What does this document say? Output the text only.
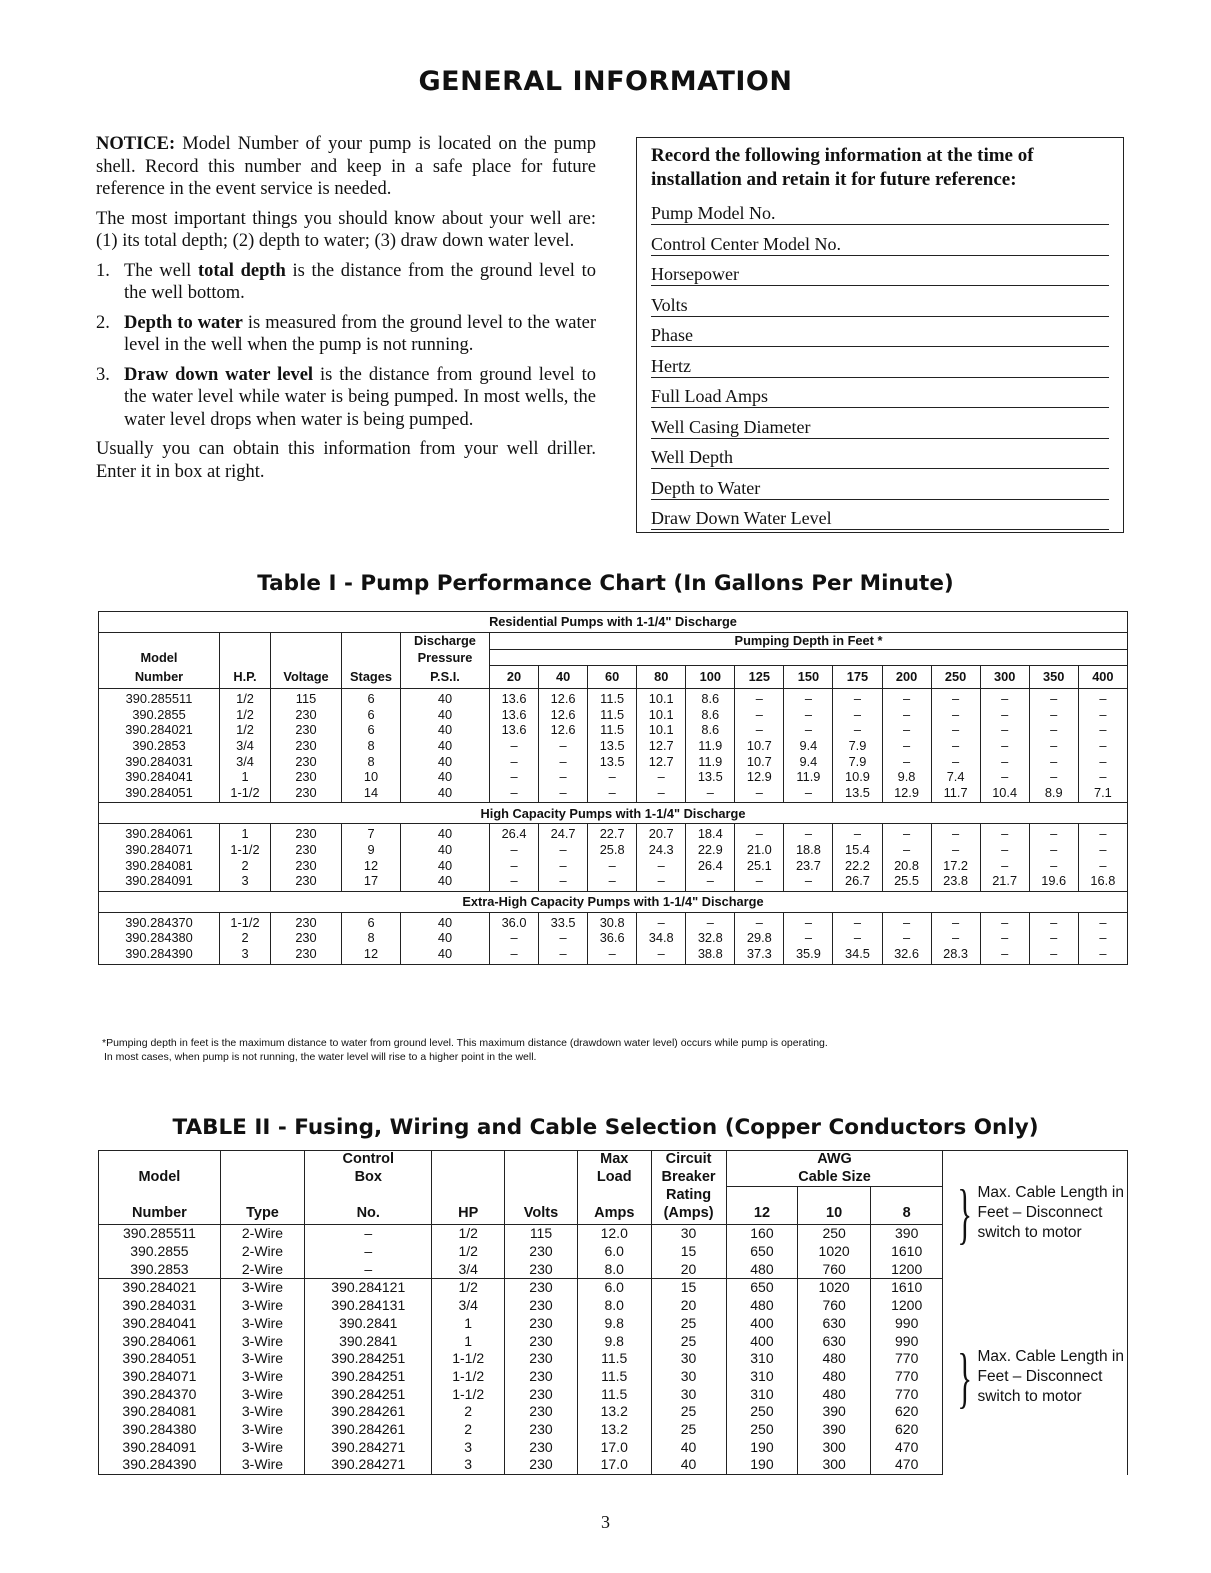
GENERAL INFORMATION

NOTICE: Model Number of your pump is located on the pump shell. Record this number and keep in a safe place for future reference in the event service is needed.

The most important things you should know about your well are: (1) its total depth; (2) depth to water; (3) draw down water level.

1. The well total depth is the distance from the ground level to the well bottom.
2. Depth to water is measured from the ground level to the water level in the well when the pump is not running.
3. Draw down water level is the distance from ground level to the water level while water is being pumped. In most wells, the water level drops when water is being pumped.

Usually you can obtain this information from your well driller. Enter it in box at right.

Record the following information at the time of installation and retain it for future reference:
Pump Model No.
Control Center Model No.
Horsepower
Volts
Phase
Hertz
Full Load Amps
Well Casing Diameter
Well Depth
Depth to Water
Draw Down Water Level
Table I - Pump Performance Chart (In Gallons Per Minute)
Residential Pumps with 1-1/4" Discharge																	
				Discharge	Pumping Depth in Feet *												
Model				Pressure													
Number	H.P.	Voltage	Stages	P.S.I.	20	40	60	80	100	125	150	175	200	250	300	350	400
390.285511	1/2	115	6	40	13.6	12.6	11.5	10.1	8.6	–	–	–	–	–	–	–	–
390.2855	1/2	230	6	40	13.6	12.6	11.5	10.1	8.6	–	–	–	–	–	–	–	–
390.284021	1/2	230	6	40	13.6	12.6	11.5	10.1	8.6	–	–	–	–	–	–	–	–
390.2853	3/4	230	8	40	–	–	13.5	12.7	11.9	10.7	9.4	7.9	–	–	–	–	–
390.284031	3/4	230	8	40	–	–	13.5	12.7	11.9	10.7	9.4	7.9	–	–	–	–	–
390.284041	1	230	10	40	–	–	–	–	13.5	12.9	11.9	10.9	9.8	7.4	–	–	–
390.284051	1-1/2	230	14	40	–	–	–	–	–	–	–	13.5	12.9	11.7	10.4	8.9	7.1
High Capacity Pumps with 1-1/4" Discharge																	
390.284061	1	230	7	40	26.4	24.7	22.7	20.7	18.4	–	–	–	–	–	–	–	–
390.284071	1-1/2	230	9	40	–	–	25.8	24.3	22.9	21.0	18.8	15.4	–	–	–	–	–
390.284081	2	230	12	40	–	–	–	–	26.4	25.1	23.7	22.2	20.8	17.2	–	–	–
390.284091	3	230	17	40	–	–	–	–	–	–	–	26.7	25.5	23.8	21.7	19.6	16.8
Extra-High Capacity Pumps with 1-1/4" Discharge																	
390.284370	1-1/2	230	6	40	36.0	33.5	30.8	–	–	–	–	–	–	–	–	–	–
390.284380	2	230	8	40	–	–	36.6	34.8	32.8	29.8	–	–	–	–	–	–	–
390.284390	3	230	12	40	–	–	–	–	38.8	37.3	35.9	34.5	32.6	28.3	–	–	–
*Pumping depth in feet is the maximum distance to water from ground level. This maximum distance (drawdown water level) occurs while pump is operating.
In most cases, when pump is not running, the water level will rise to a higher point in the well.
TABLE II - Fusing, Wiring and Cable Selection (Copper Conductors Only)
		Control			Max	Circuit	AWG			
Model		Box			Load	Breaker	Cable Size			
Number	Type	No.	HP	Volts	Amps	Rating
(Amps)	12	10	8	

390.285511	2-Wire	–	1/2	115	12.0	30	160	250	390	} Max. Cable Length in Feet – Disconnect switch to motor

390.2855	2-Wire	–	1/2	230	6.0	15	650	1020	1610	
390.2853	2-Wire	–	3/4	230	8.0	20	480	760	1200	
390.284021	3-Wire	390.284121	1/2	230	6.0	15	650	1020	1610	} Max. Cable Length in Feet – Disconnect switch to motor

390.284031	3-Wire	390.284131	3/4	230	8.0	20	480	760	1200	
390.284041	3-Wire	390.2841	1	230	9.8	25	400	630	990	
390.284061	3-Wire	390.2841	1	230	9.8	25	400	630	990	
390.284051	3-Wire	390.284251	1-1/2	230	11.5	30	310	480	770	
390.284071	3-Wire	390.284251	1-1/2	230	11.5	30	310	480	770	
390.284370	3-Wire	390.284251	1-1/2	230	11.5	30	310	480	770	
390.284081	3-Wire	390.284261	2	230	13.2	25	250	390	620	
390.284380	3-Wire	390.284261	2	230	13.2	25	250	390	620	
390.284091	3-Wire	390.284271	3	230	17.0	40	190	300	470	
390.284390	3-Wire	390.284271	3	230	17.0	40	190	300	470	
3
